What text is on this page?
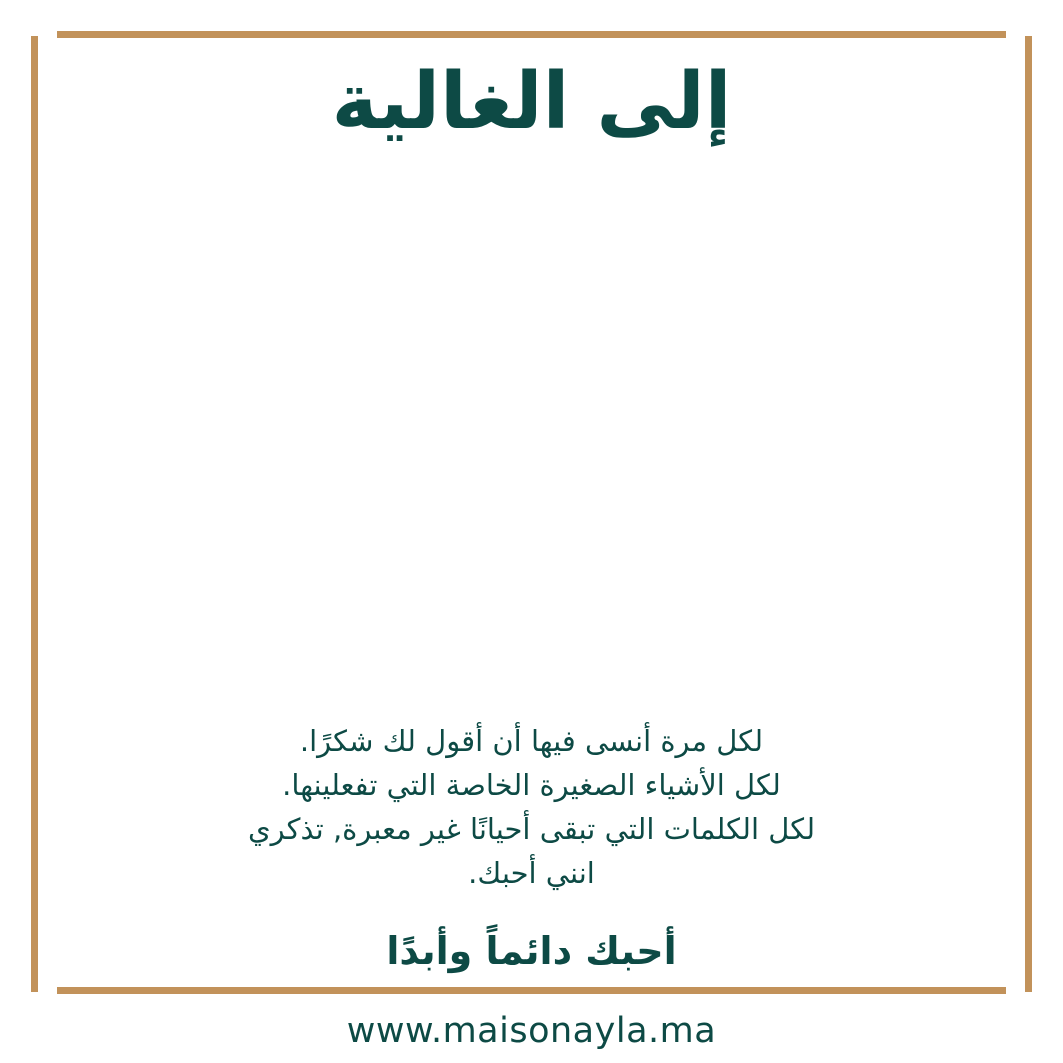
إلى الغالية
لكل مرة أنسى فيها أن أقول لك شكرًا.
لكل الأشياء الصغيرة الخاصة التي تفعلينها.
لكل الكلمات التي تبقى أحيانًا غير معبرة, تذكري
انني أحبك.
أحبك دائماً وأبدًا
www.maisonayla.ma
